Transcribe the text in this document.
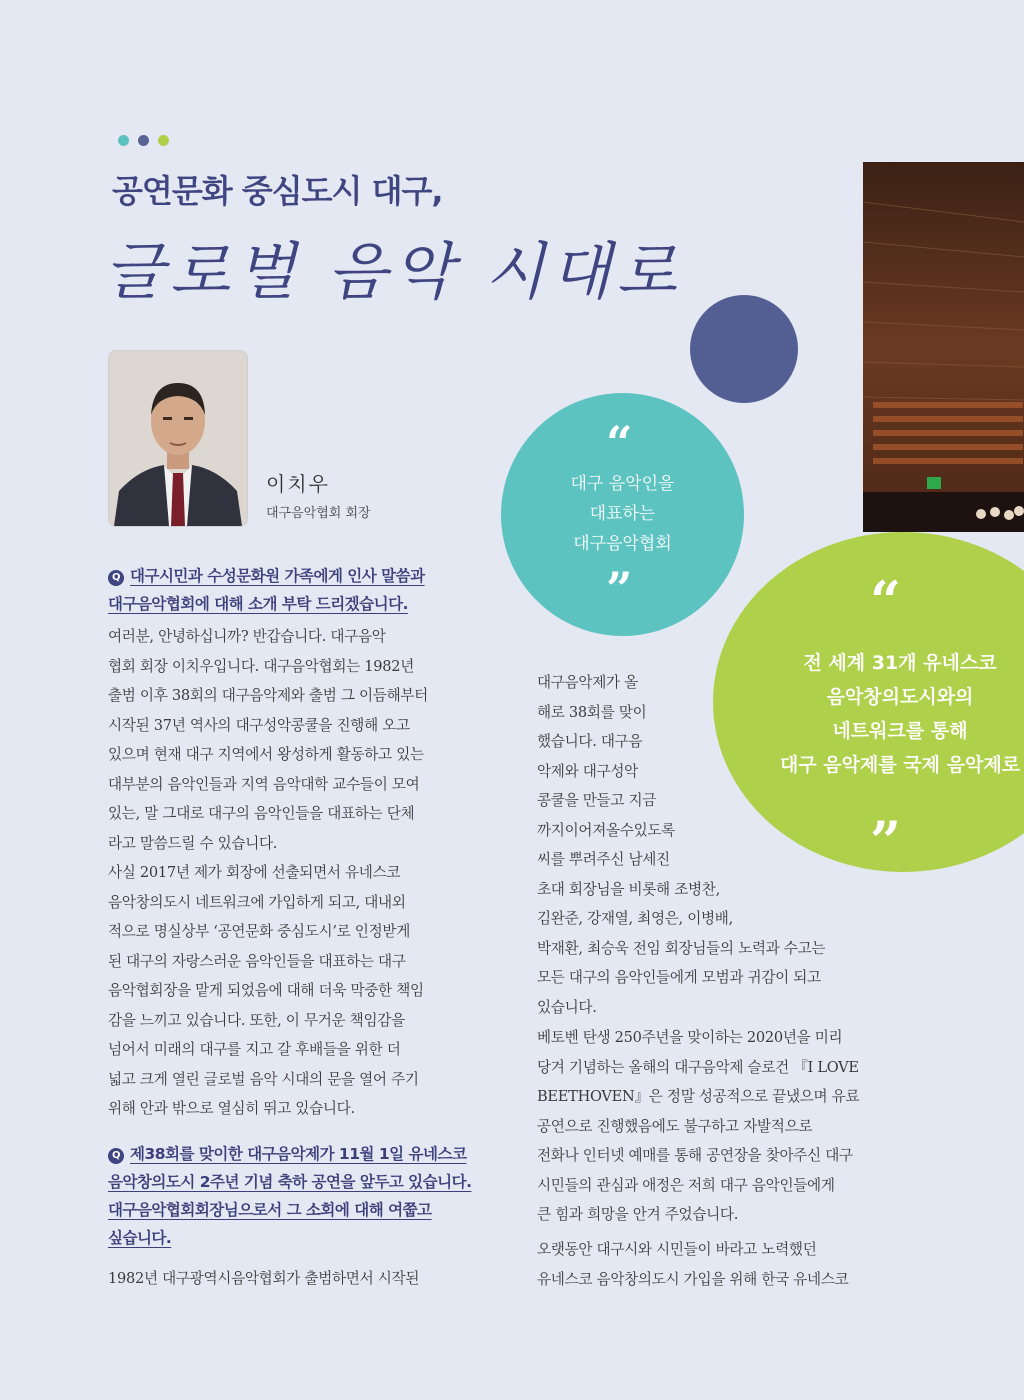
공연문화 중심도시 대구,
글로벌 음악 시대로
이치우
대구음악협회 회장
“
대구 음악인을
대표하는
대구음악협회
”	“
전 세계 31개 유네스코
음악창의도시와의
네트워크를 통해
대구 음악제를 국제 음악제로
”
Q 대구시민과 수성문화원 가족에게 인사 말씀과
대구음악협회에 대해 소개 부탁 드리겠습니다.
여러분, 안녕하십니까? 반갑습니다. 대구음악
협회 회장 이치우입니다. 대구음악협회는 1982년
출범 이후 38회의 대구음악제와 출범 그 이듬해부터
시작된 37년 역사의 대구성악콩쿨을 진행해 오고
있으며 현재 대구 지역에서 왕성하게 활동하고 있는
대부분의 음악인들과 지역 음악대학 교수들이 모여
있는, 말 그대로 대구의 음악인들을 대표하는 단체
라고 말씀드릴 수 있습니다.
사실 2017년 제가 회장에 선출되면서 유네스코
음악창의도시 네트워크에 가입하게 되고, 대내외
적으로 명실상부 ‘공연문화 중심도시’로 인정받게
된 대구의 자랑스러운 음악인들을 대표하는 대구
음악협회장을 맡게 되었음에 대해 더욱 막중한 책임
감을 느끼고 있습니다. 또한, 이 무거운 책임감을
넘어서 미래의 대구를 지고 갈 후배들을 위한 더
넓고 크게 열린 글로벌 음악 시대의 문을 열어 주기
위해 안과 밖으로 열심히 뛰고 있습니다.
Q 제38회를 맞이한 대구음악제가 11월 1일 유네스코
음악창의도시 2주년 기념 축하 공연을 앞두고 있습니다.
대구음악협회회장님으로서 그 소회에 대해 여쭙고
싶습니다.
1982년 대구광역시음악협회가 출범하면서 시작된
대구음악제가 올
해로 38회를 맞이
했습니다. 대구음
악제와 대구성악
콩쿨을 만들고 지금
까지이어져올수있도록
씨를 뿌려주신 남세진
초대 회장님을 비롯해 조병찬,
김완준, 강재열, 최영은, 이병배,
박재환, 최승욱 전임 회장님들의 노력과 수고는
모든 대구의 음악인들에게 모범과 귀감이 되고
있습니다.
베토벤 탄생 250주년을 맞이하는 2020년을 미리
당겨 기념하는 올해의 대구음악제 슬로건 『I LOVE
BEETHOVEN』은 정말 성공적으로 끝냈으며 유료
공연으로 진행했음에도 불구하고 자발적으로
전화나 인터넷 예매를 통해 공연장을 찾아주신 대구
시민들의 관심과 애정은 저희 대구 음악인들에게
큰 힘과 희망을 안겨 주었습니다.
오랫동안 대구시와 시민들이 바라고 노력했던
유네스코 음악창의도시 가입을 위해 한국 유네스코
